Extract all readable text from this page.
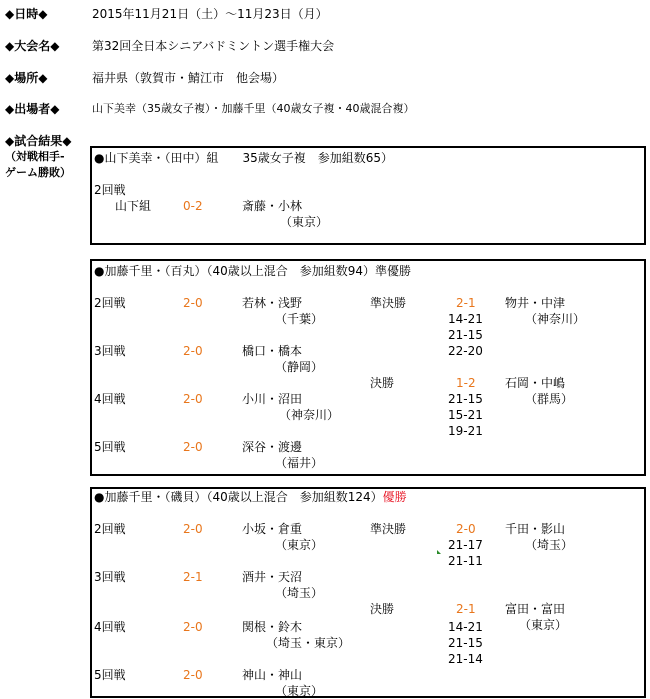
◆日時◆	2015年11月21日（土）～11月23日（月）
◆大会名◆	第32回全日本シニアバドミントン選手権大会
◆場所◆	福井県（敦賀市・鯖江市　他会場）
◆出場者◆	山下美幸（35歳女子複）・加藤千里（40歳女子複・40歳混合複）
◆試合結果◆
（対戦相手-
ゲーム勝敗）
●山下美幸・（田中）組　　35歳女子複　参加組数65）
2回戦
山下組	0-2	斎藤・小林
（東京）
●加藤千里・（百丸）（40歳以上混合　参加組数94）準優勝
2回戦	2-0	若林・浅野
（千葉）
3回戦	2-0	橋口・橋本
（静岡）
4回戦	2-0	小川・沼田
（神奈川）
5回戦	2-0	深谷・渡邊
（福井）
準決勝	2-1 物井・中津
（神奈川）
14-21
21-15
22-20
決勝	1-2 石岡・中嶋
（群馬）
21-15
15-21
19-21
●加藤千里・（磯貝）（40歳以上混合　参加組数124）優勝
2回戦	2-0	小坂・倉重
（東京）
3回戦	2-1	酒井・天沼
（埼玉）
4回戦	2-0	関根・鈴木
（埼玉・東京）
5回戦	2-0	神山・神山
（東京）
準決勝	2-0 千田・影山
（埼玉）
21-17
21-11
決勝	2-1 富田・富田
（東京）
14-21
21-15
21-14
